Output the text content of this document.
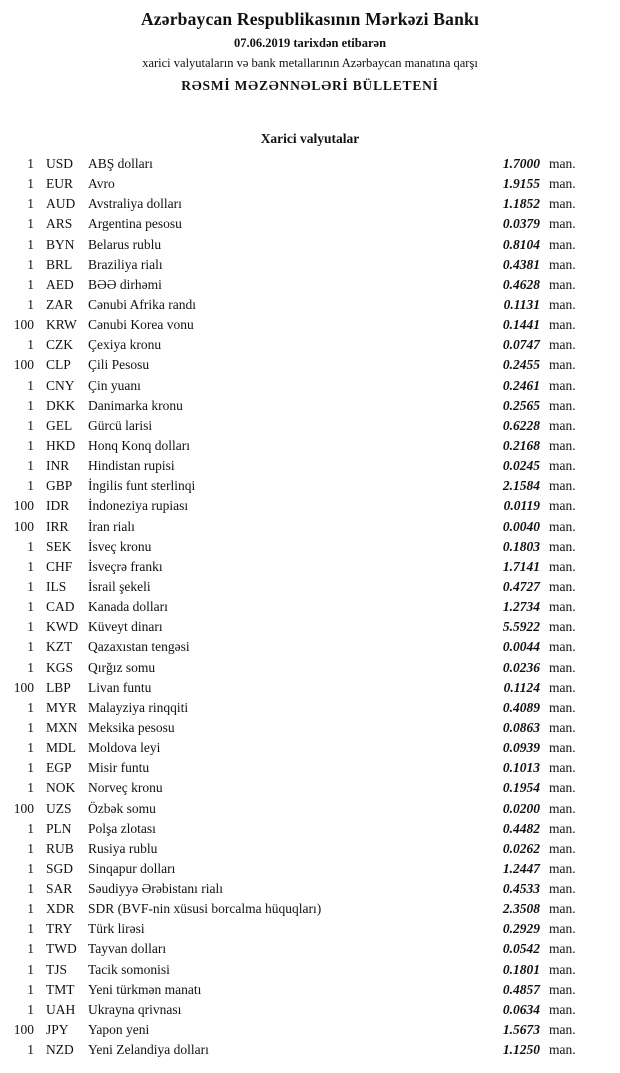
Azərbaycan Respublikasının Mərkəzi Bankı
07.06.2019 tarixdən etibarən
xarici valyutaların və bank metallarının Azərbaycan manatına qarşı
RƏSMİ MƏZƏNNƏLƏRİ BÜLLETENİ
Xarici valyutalar
1 USD	ABŞ dolları	1.7000 man.
1 EUR	Avro	1.9155 man.
1 AUD Avstraliya dolları	1.1852 man.
1 ARS	Argentina pesosu	0.0379 man.
1 BYN Belarus rublu	0.8104 man.
1 BRL	Braziliya rialı	0.4381 man.
1 AED	BƏƏ dirhəmi	0.4628 man.
1 ZAR	Cənubi Afrika randı	0.1131 man.
100 KRW Cənubi Korea vonu	0.1441 man.
1 CZK	Çexiya kronu	0.0747 man.
100 CLP	Çili Pesosu	0.2455 man.
1 CNY Çin yuanı	0.2461 man.
1 DKK Danimarka kronu	0.2565 man.
1 GEL	Gürcü larisi	0.6228 man.
1 HKD Honq Konq dolları	0.2168 man.
1 INR	Hindistan rupisi	0.0245 man.
1 GBP	İngilis funt sterlinqi	2.1584 man.
100 IDR	İndoneziya rupiası	0.0119 man.
100 IRR	İran rialı	0.0040 man.
1 SEK	İsveç kronu	0.1803 man.
1 CHF	İsveçrə frankı	1.7141 man.
1 ILS	İsrail şekeli	0.4727 man.
1 CAD Kanada dolları	1.2734 man.
1 KWD Küveyt dinarı	5.5922 man.
1 KZT	Qazaxıstan tengəsi	0.0044 man.
1 KGS	Qırğız somu	0.0236 man.
100 LBP	Livan funtu	0.1124 man.
1 MYR Malayziya rinqqiti	0.4089 man.
1 MXN Meksika pesosu	0.0863 man.
1 MDL Moldova leyi	0.0939 man.
1 EGP	Misir funtu	0.1013 man.
1 NOK Norveç kronu	0.1954 man.
100 UZS	Özbək somu	0.0200 man.
1 PLN	Polşa zlotası	0.4482 man.
1 RUB	Rusiya rublu	0.0262 man.
1 SGD	Sinqapur dolları	1.2447 man.
1 SAR	Səudiyyə Ərəbistanı rialı	0.4533 man.
1 XDR SDR (BVF-nin xüsusi borcalma hüquqları)	2.3508 man.
1 TRY	Türk lirəsi	0.2929 man.
1 TWD Tayvan dolları	0.0542 man.
1 TJS	Tacik somonisi	0.1801 man.
1 TMT	Yeni türkmən manatı	0.4857 man.
1 UAH Ukrayna qrivnası	0.0634 man.
100 JPY	Yapon yeni	1.5673 man.
1 NZD	Yeni Zelandiya dolları	1.1250 man.
